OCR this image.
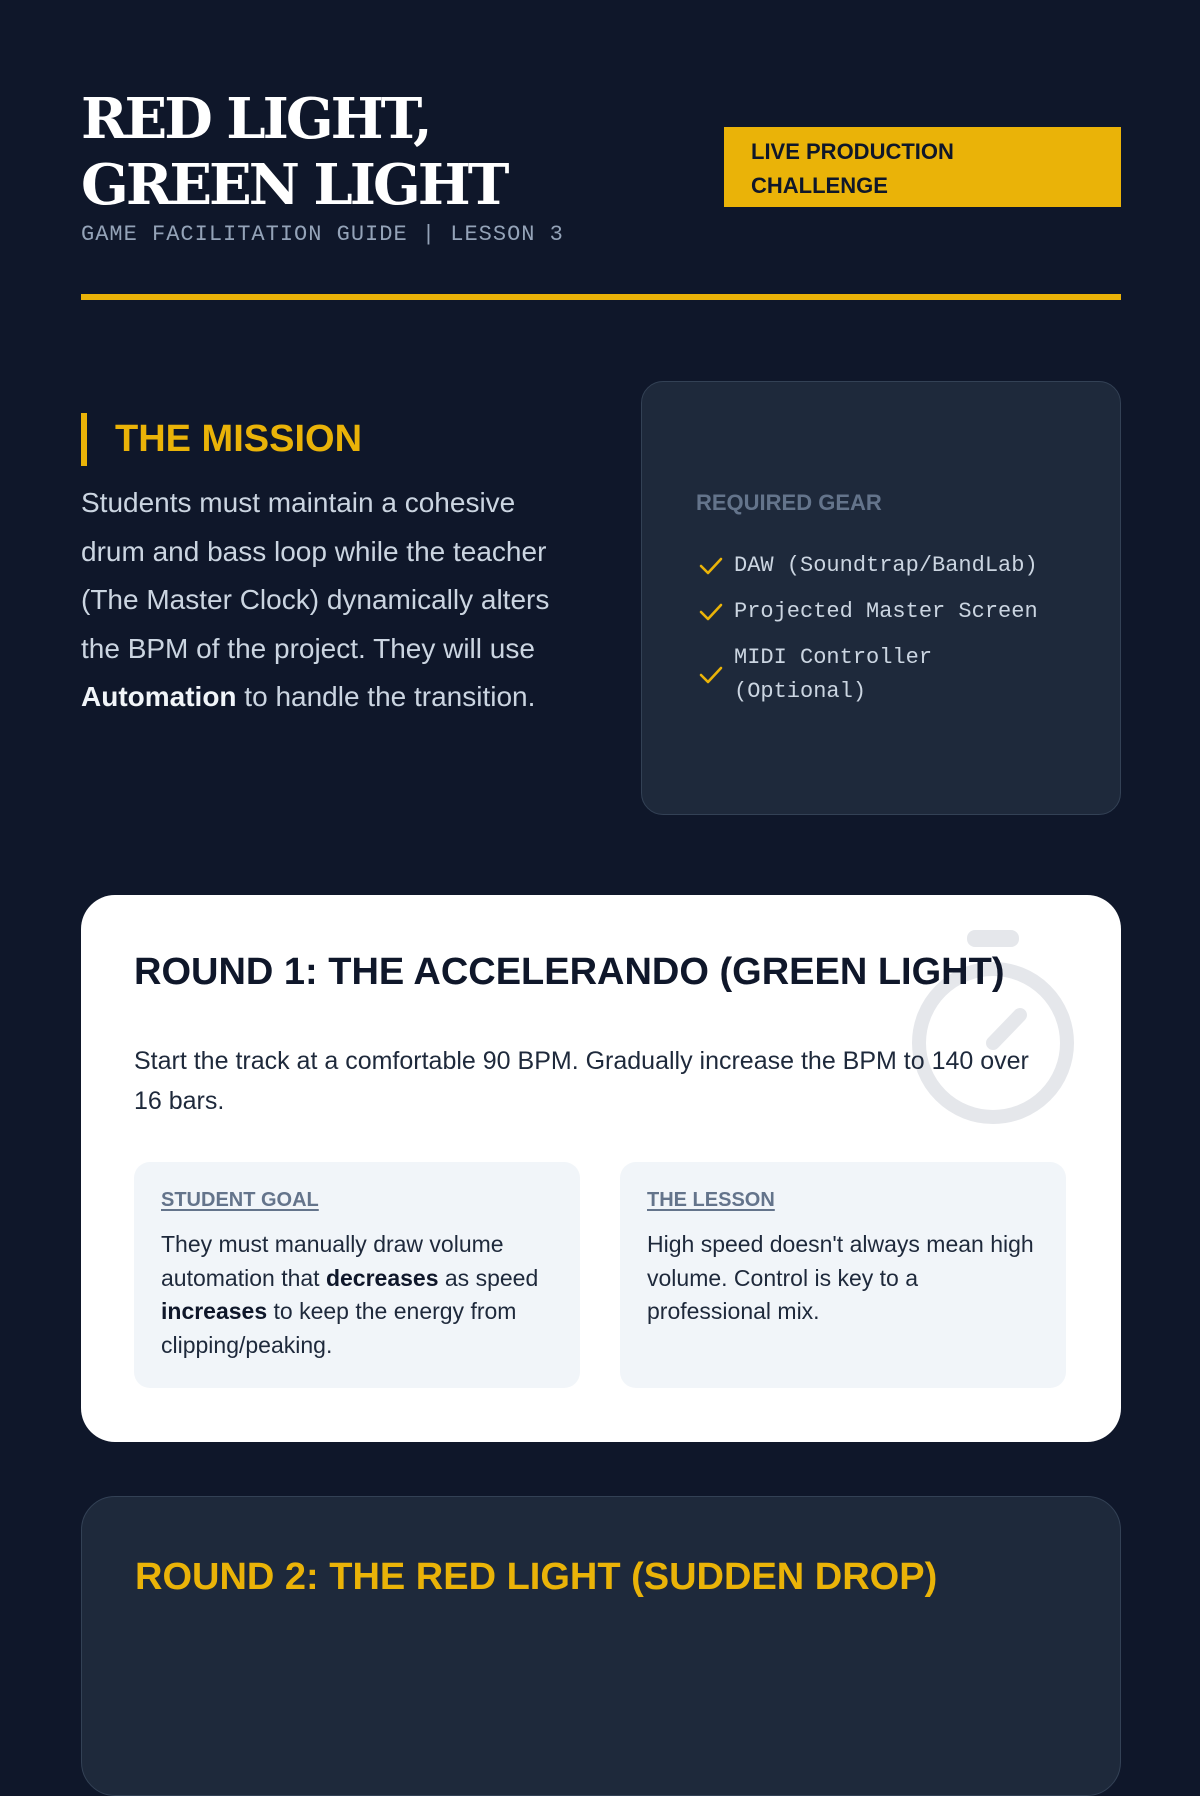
RED LIGHT, GREEN LIGHT
GAME FACILITATION GUIDE | LESSON 3
LIVE PRODUCTION CHALLENGE
THE MISSION

Students must maintain a cohesive drum and bass loop while the teacher (The Master Clock) dynamically alters the BPM of the project. They will use Automation to handle the transition.

REQUIRED GEAR
DAW (Soundtrap/BandLab)
Projected Master Screen
MIDI Controller (Optional)
ROUND 1: THE ACCELERANDO (GREEN LIGHT)

Start the track at a comfortable 90 BPM. Gradually increase the BPM to 140 over 16 bars.

STUDENT GOAL

They must manually draw volume automation that decreases as speed increases to keep the energy from clipping/peaking.

THE LESSON

High speed doesn't always mean high volume. Control is key to a professional mix.

ROUND 2: THE RED LIGHT (SUDDEN DROP)
